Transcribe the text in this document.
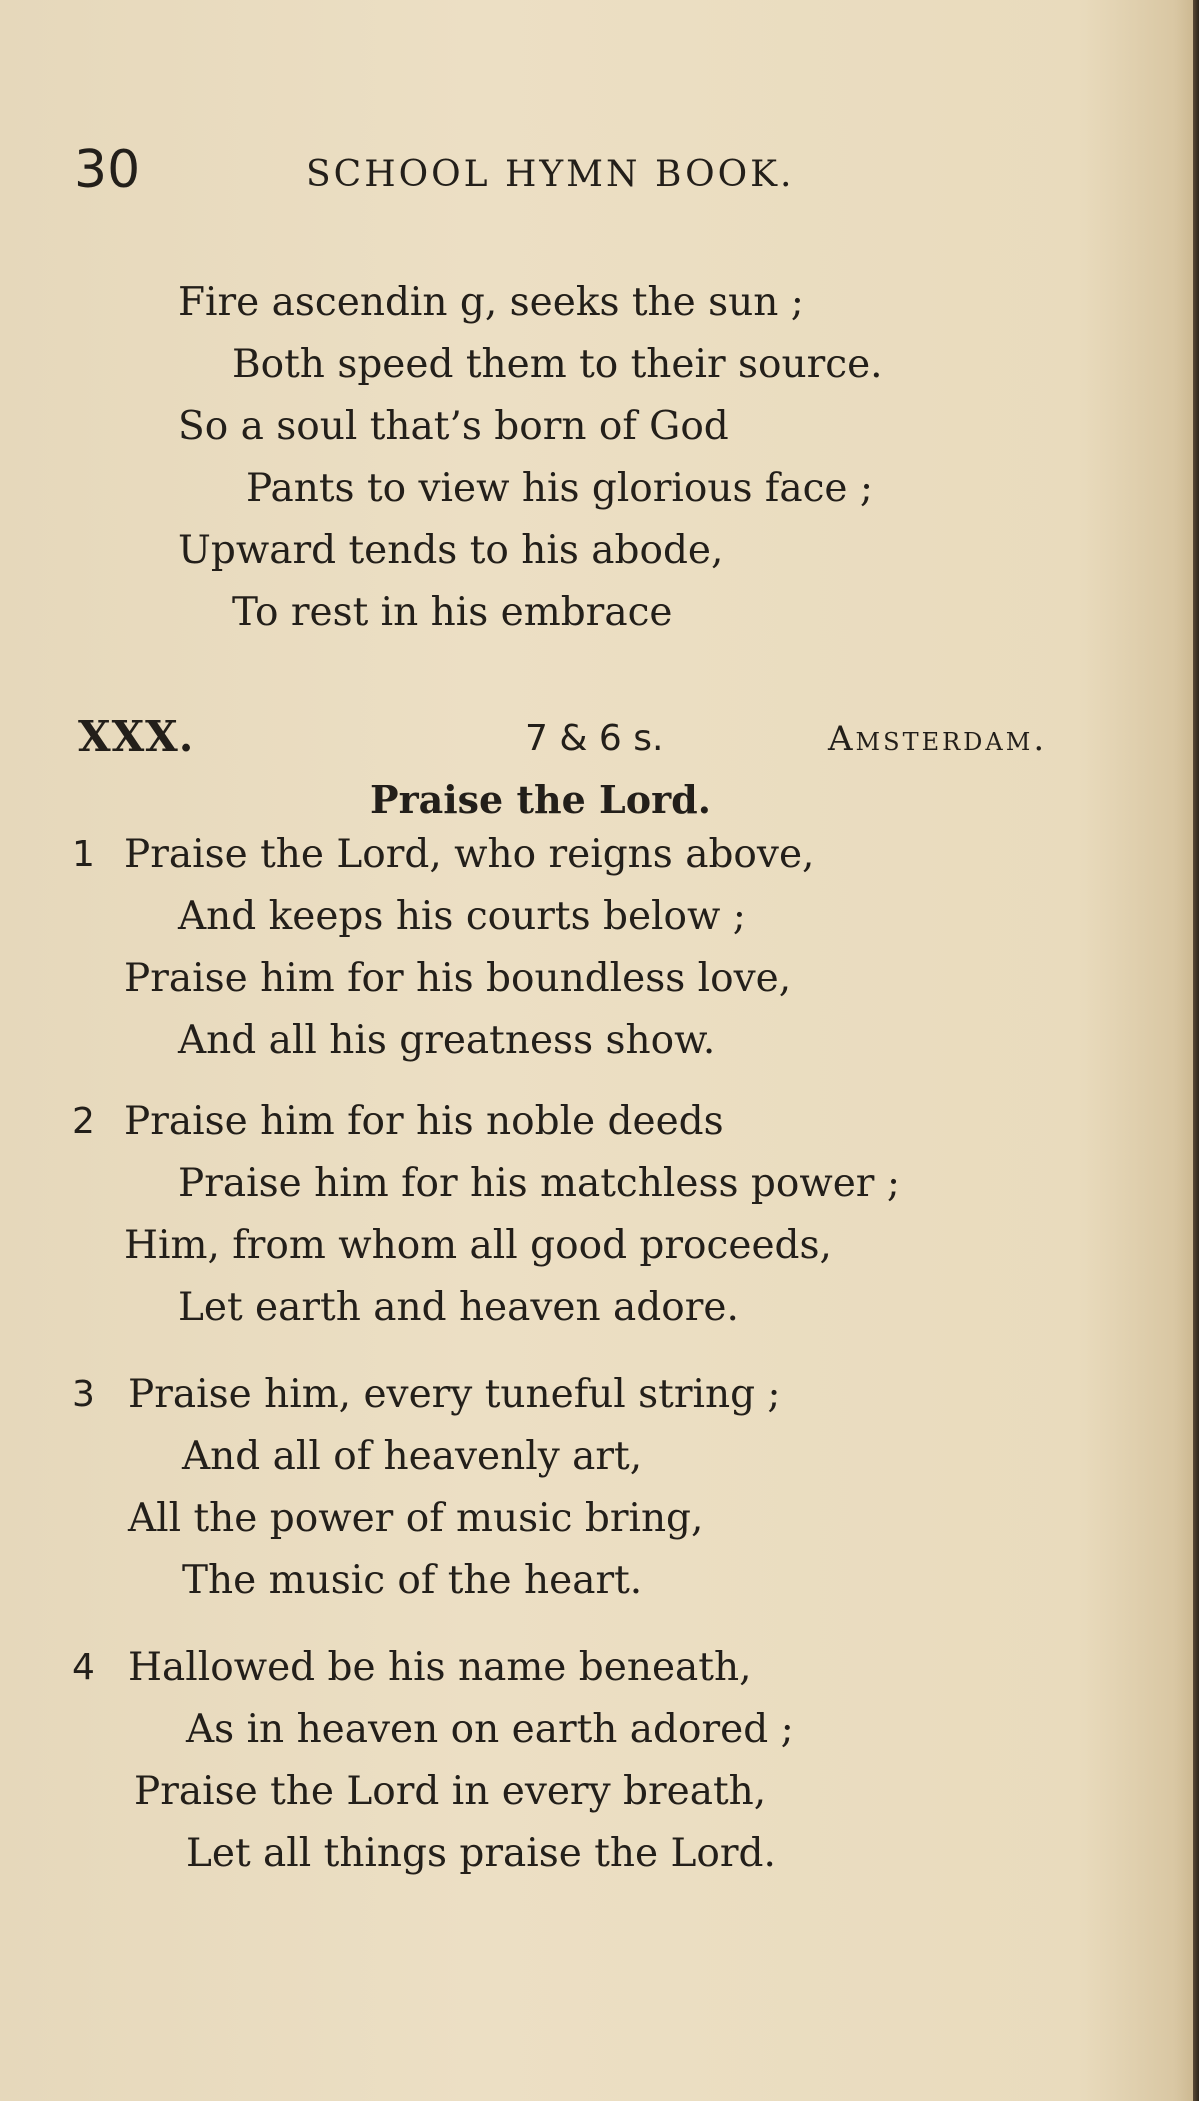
30	SCHOOL HYMN BOOK.
Fire ascendin g, seeks the sun ;
Both speed them to their source.
So a soul that’s born of God
Pants to view his glorious face ;
Upward tends to his abode,
To rest in his embrace
XXX.	7 & 6 s.	Amsterdam.
Praise the Lord.
1 Praise the Lord, who reigns above,
And keeps his courts below ;
Praise him for his boundless love,
And all his greatness show.
2 Praise him for his noble deeds
Praise him for his matchless power ;
Him, from whom all good proceeds,
Let earth and heaven adore.
3 Praise him, every tuneful string ;
And all of heavenly art,
All the power of music bring,
The music of the heart.
4 Hallowed be his name beneath,
As in heaven on earth adored ;
Praise the Lord in every breath,
Let all things praise the Lord.
